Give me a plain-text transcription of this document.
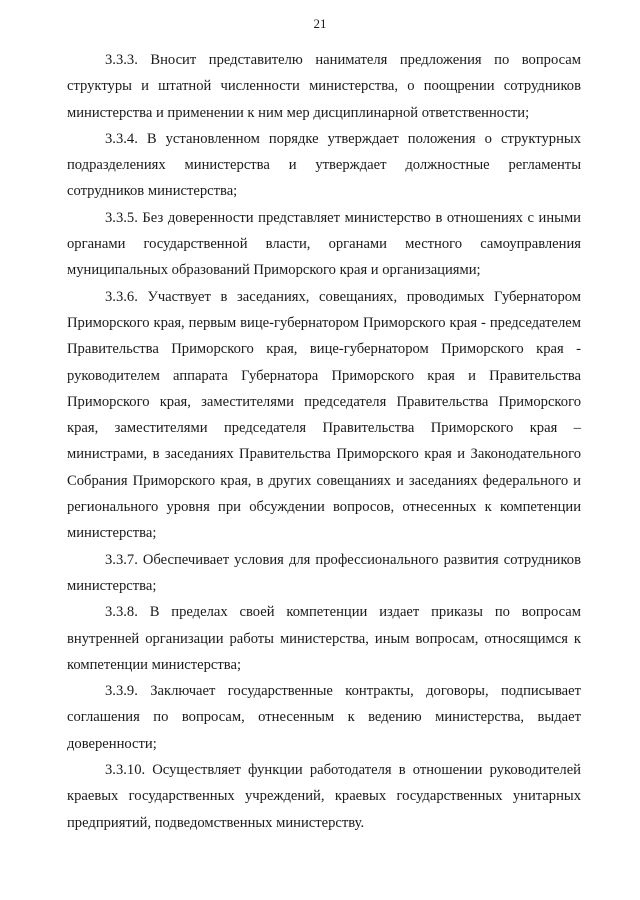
21

3.3.3. Вносит представителю нанимателя предложения по вопросам структуры и штатной численности министерства, о поощрении сотрудников министерства и применении к ним мер дисциплинарной ответственности;

3.3.4. В установленном порядке утверждает положения о структурных подразделениях министерства и утверждает должностные регламенты сотрудников министерства;

3.3.5. Без доверенности представляет министерство в отношениях с иными органами государственной власти, органами местного самоуправления муниципальных образований Приморского края и организациями;

3.3.6. Участвует в заседаниях, совещаниях, проводимых Губернатором Приморского края, первым вице-губернатором Приморского края - председателем Правительства Приморского края, вице-губернатором Приморского края - руководителем аппарата Губернатора Приморского края и Правительства Приморского края, заместителями председателя Правительства Приморского края, заместителями председателя Правительства Приморского края – министрами, в заседаниях Правительства Приморского края и Законодательного Собрания Приморского края, в других совещаниях и заседаниях федерального и регионального уровня при обсуждении вопросов, отнесенных к компетенции министерства;

3.3.7. Обеспечивает условия для профессионального развития сотрудников министерства;

3.3.8. В пределах своей компетенции издает приказы по вопросам внутренней организации работы министерства, иным вопросам, относящимся к компетенции министерства;

3.3.9. Заключает государственные контракты, договоры, подписывает соглашения по вопросам, отнесенным к ведению министерства, выдает доверенности;

3.3.10. Осуществляет функции работодателя в отношении руководителей краевых государственных учреждений, краевых государственных унитарных предприятий, подведомственных министерству.
